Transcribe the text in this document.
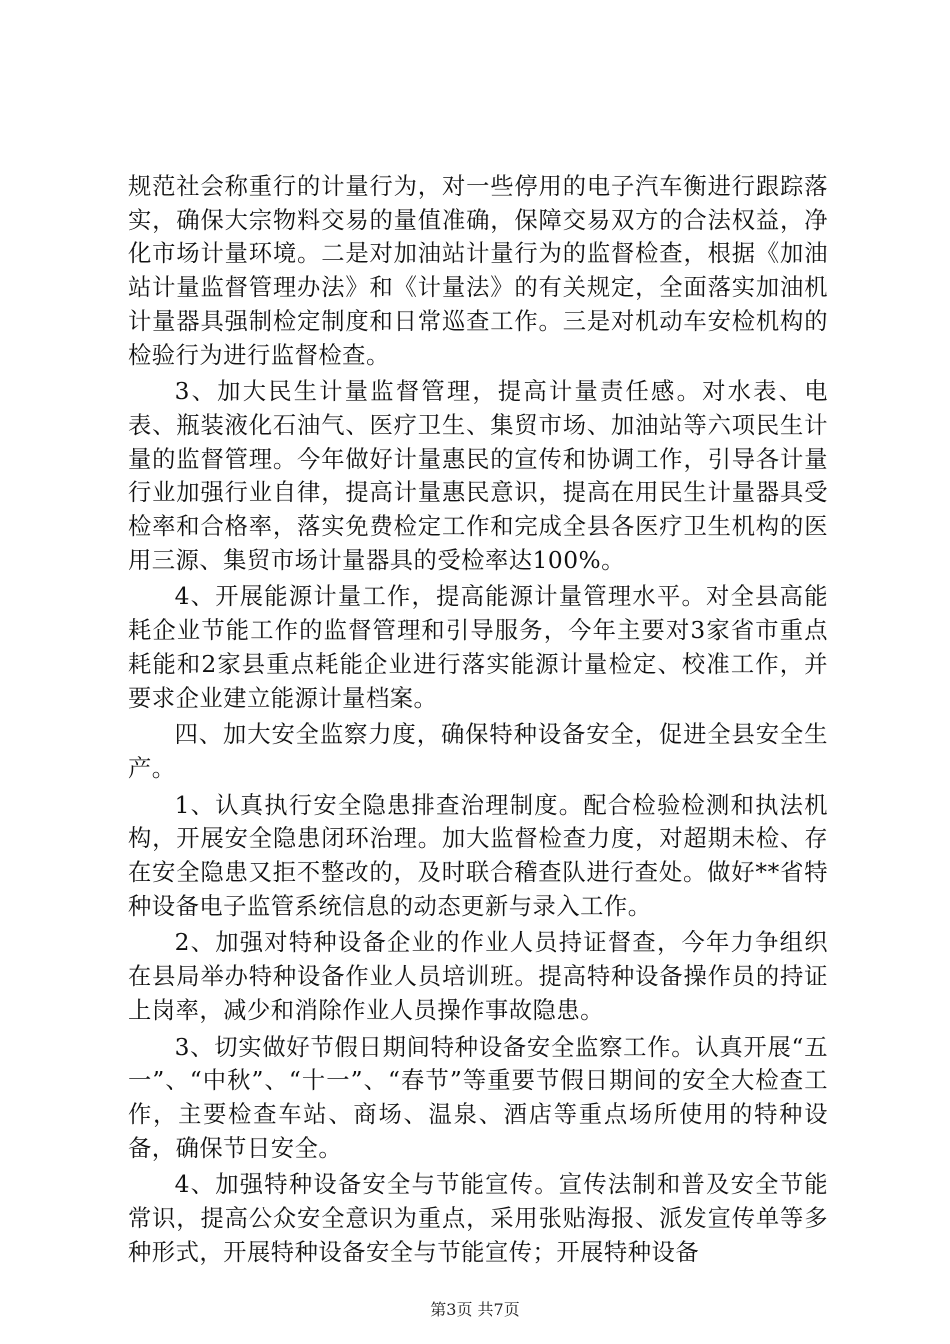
规范社会称重行的计量行为，对一些停用的电子汽车衡进行跟踪落实，确保大宗物料交易的量值准确，保障交易双方的合法权益，净化市场计量环境。二是对加油站计量行为的监督检查，根据《加油站计量监督管理办法》和《计量法》的有关规定，全面落实加油机计量器具强制检定制度和日常巡查工作。三是对机动车安检机构的检验行为进行监督检查。

3、加大民生计量监督管理，提高计量责任感。对水表、电表、瓶装液化石油气、医疗卫生、集贸市场、加油站等六项民生计量的监督管理。今年做好计量惠民的宣传和协调工作，引导各计量行业加强行业自律，提高计量惠民意识，提高在用民生计量器具受检率和合格率，落实免费检定工作和完成全县各医疗卫生机构的医用三源、集贸市场计量器具的受检率达100%。

4、开展能源计量工作，提高能源计量管理水平。对全县高能耗企业节能工作的监督管理和引导服务，今年主要对3家省市重点耗能和2家县重点耗能企业进行落实能源计量检定、校准工作，并要求企业建立能源计量档案。

四、加大安全监察力度，确保特种设备安全，促进全县安全生产。

1、认真执行安全隐患排查治理制度。配合检验检测和执法机构，开展安全隐患闭环治理。加大监督检查力度，对超期未检、存在安全隐患又拒不整改的，及时联合稽查队进行查处。做好**省特种设备电子监管系统信息的动态更新与录入工作。

2、加强对特种设备企业的作业人员持证督查，今年力争组织在县局举办特种设备作业人员培训班。提高特种设备操作员的持证上岗率，减少和消除作业人员操作事故隐患。

3、切实做好节假日期间特种设备安全监察工作。认真开展“五一”、“中秋”、“十一”、“春节”等重要节假日期间的安全大检查工作，主要检查车站、商场、温泉、酒店等重点场所使用的特种设备，确保节日安全。

4、加强特种设备安全与节能宣传。宣传法制和普及安全节能常识，提高公众安全意识为重点，采用张贴海报、派发宣传单等多种形式，开展特种设备安全与节能宣传；开展特种设备

第3页 共7页
